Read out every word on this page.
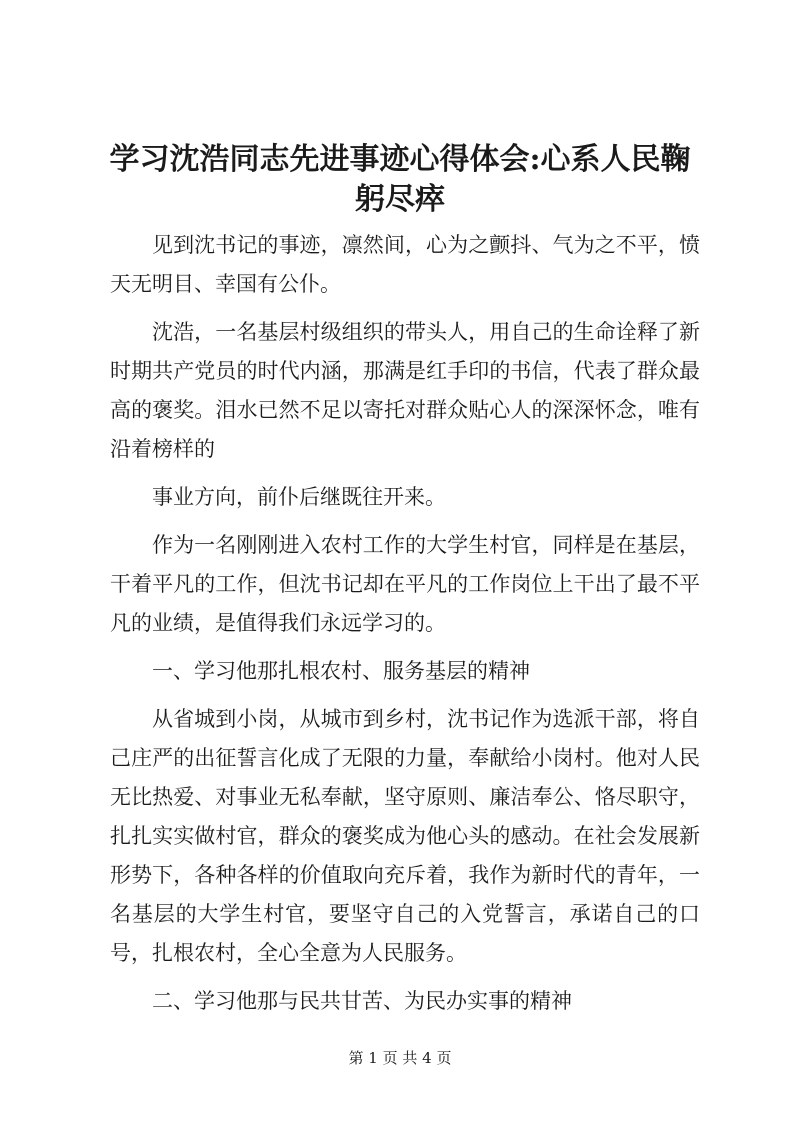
学习沈浩同志先进事迹心得体会:心系人民鞠
躬尽瘁

见到沈书记的事迹，凛然间，心为之颤抖、气为之不平，愤天无明目、幸国有公仆。

沈浩，一名基层村级组织的带头人，用自己的生命诠释了新时期共产党员的时代内涵，那满是红手印的书信，代表了群众最高的褒奖。泪水已然不足以寄托对群众贴心人的深深怀念，唯有沿着榜样的

事业方向，前仆后继既往开来。

作为一名刚刚进入农村工作的大学生村官，同样是在基层，干着平凡的工作，但沈书记却在平凡的工作岗位上干出了最不平凡的业绩，是值得我们永远学习的。

一、学习他那扎根农村、服务基层的精神

从省城到小岗，从城市到乡村，沈书记作为选派干部，将自己庄严的出征誓言化成了无限的力量，奉献给小岗村。他对人民无比热爱、对事业无私奉献，坚守原则、廉洁奉公、恪尽职守，扎扎实实做村官，群众的褒奖成为他心头的感动。在社会发展新形势下，各种各样的价值取向充斥着，我作为新时代的青年，一名基层的大学生村官，要坚守自己的入党誓言，承诺自己的口号，扎根农村，全心全意为人民服务。

二、学习他那与民共甘苦、为民办实事的精神

第 1 页 共 4 页
